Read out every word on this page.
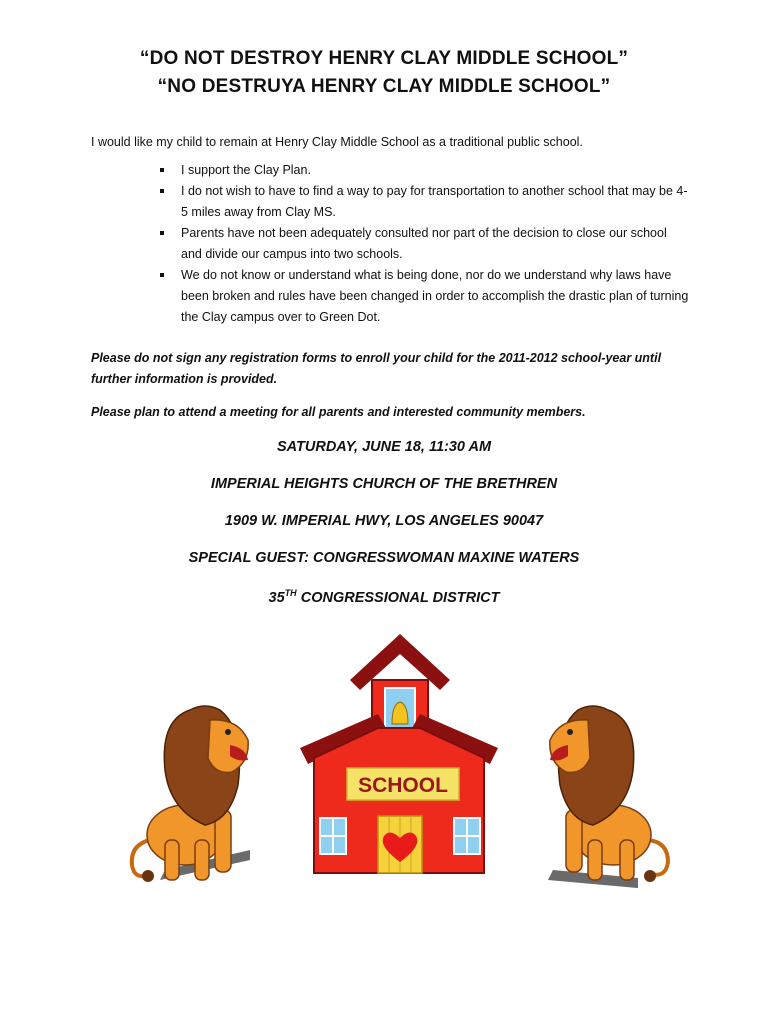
“DO NOT DESTROY HENRY CLAY MIDDLE SCHOOL”
“NO DESTRUYA HENRY CLAY MIDDLE SCHOOL”
I would like my child to remain at Henry Clay Middle School as a traditional public school.
I support the Clay Plan.
I do not wish to have to find a way to pay for transportation to another school that may be 4-5 miles away from Clay MS.
Parents have not been adequately consulted nor part of the decision to close our school and divide our campus into two schools.
We do not know or understand what is being done, nor do we understand why laws have been broken and rules have been changed in order to accomplish the drastic plan of turning the Clay campus over to Green Dot.
Please do not sign any registration forms to enroll your child for the 2011-2012 school-year until further information is provided.
Please plan to attend a meeting for all parents and interested community members.
SATURDAY, JUNE 18, 11:30 AM
IMPERIAL HEIGHTS CHURCH OF THE BRETHREN
1909 W. IMPERIAL HWY, LOS ANGELES 90047
SPECIAL GUEST: CONGRESSWOMAN MAXINE WATERS
35TH CONGRESSIONAL DISTRICT
SCHOOL
